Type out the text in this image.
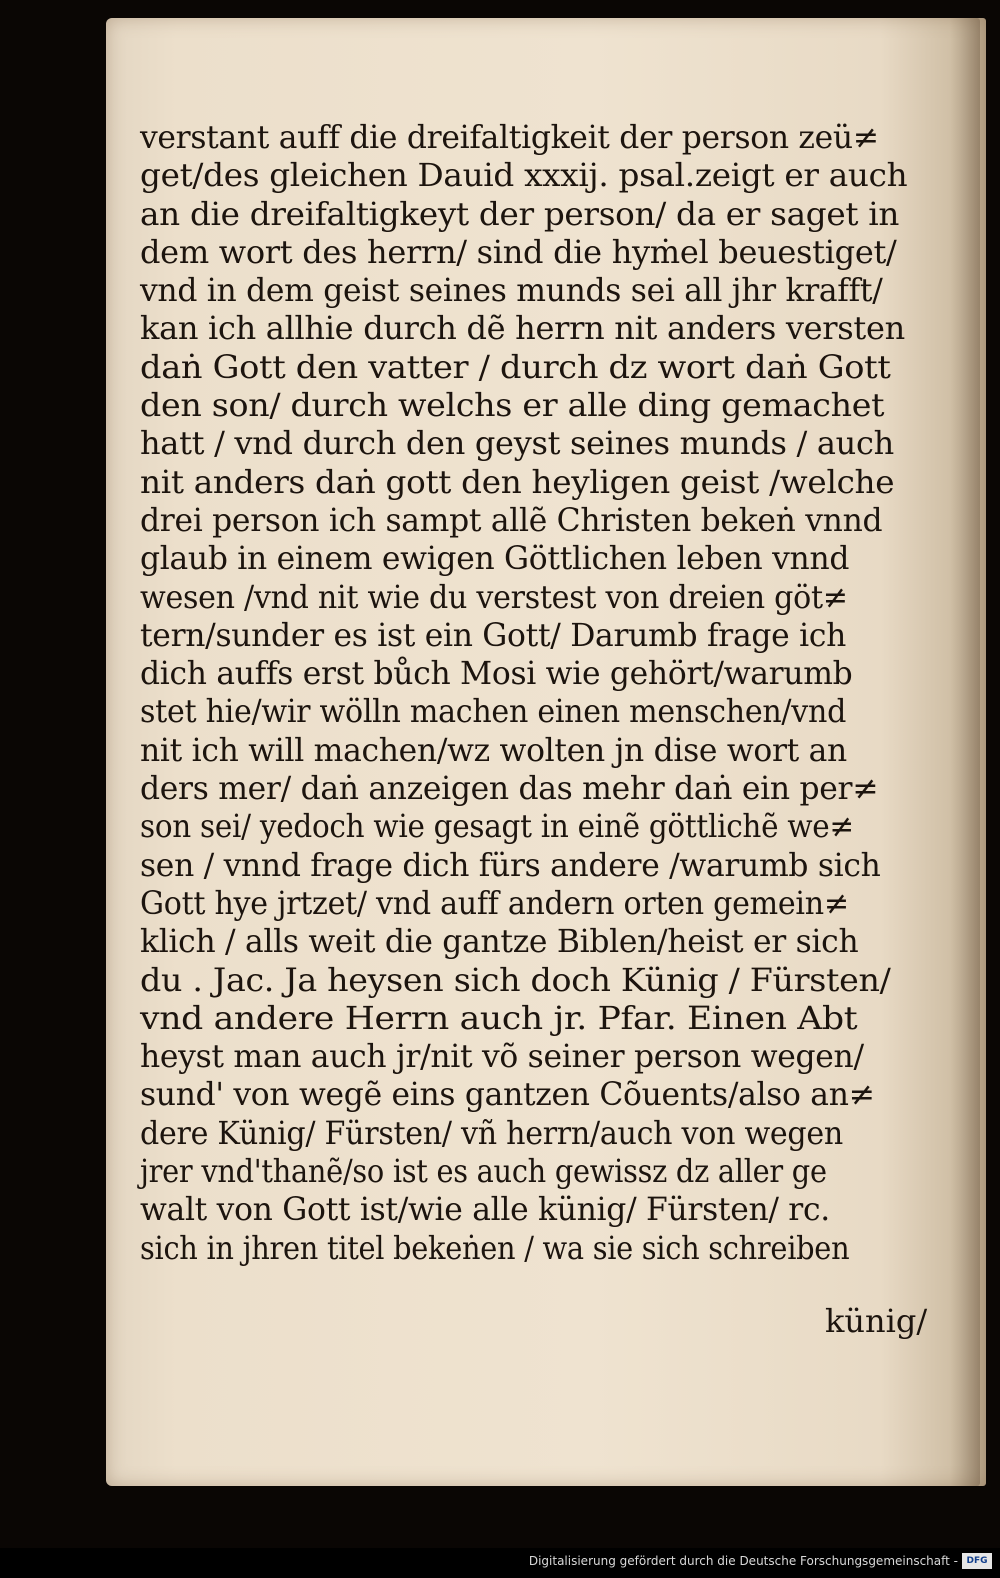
verstant auff die dreifaltigkeit der person zeü≠
get/des gleichen Dauid xxxij. psal.zeigt er auch
an die dreifaltigkeyt der person/ da er saget in
dem wort des herrn/ sind die hyṁel beuestiget/
vnd in dem geist seines munds sei all jhr krafft/
kan ich allhie durch dẽ herrn nit anders versten
daṅ Gott den vatter / durch dz wort daṅ Gott
den son/ durch welchs er alle ding gemachet
hatt / vnd durch den geyst seines munds / auch
nit anders daṅ gott den heyligen geist /welche
drei person ich sampt allẽ Christen bekeṅ vnnd
glaub in einem ewigen Göttlichen leben vnnd
wesen /vnd nit wie du verstest von dreien göt≠
tern/sunder es ist ein Gott/ Darumb frage ich
dich auffs erst bůch Mosi wie gehört/warumb
stet hie/wir wölln machen einen menschen/vnd
nit ich will machen/wz wolten jn dise wort an
ders mer/ daṅ anzeigen das mehr daṅ ein per≠
son sei/ yedoch wie gesagt in einẽ göttlichẽ we≠
sen / vnnd frage dich fürs andere /warumb sich
Gott hye jrtzet/ vnd auff andern orten gemein≠
klich / alls weit die gantze Biblen/heist er sich
du . Jac. Ja heysen sich doch Künig / Fürsten/
vnd andere Herrn auch jr. Pfar. Einen Abt
heyst man auch jr/nit võ seiner person wegen/
sund' von wegẽ eins gantzen Cõuents/also an≠
dere Künig/ Fürsten/ vñ herrn/auch von wegen
jrer vnd'thanẽ/so ist es auch gewissz dz aller ge
walt von Gott ist/wie alle künig/ Fürsten/ rc.
sich in jhren titel bekeṅen / wa sie sich schreiben
künig/
Digitalisierung gefördert durch die Deutsche Forschungsgemeinschaft - DFG
